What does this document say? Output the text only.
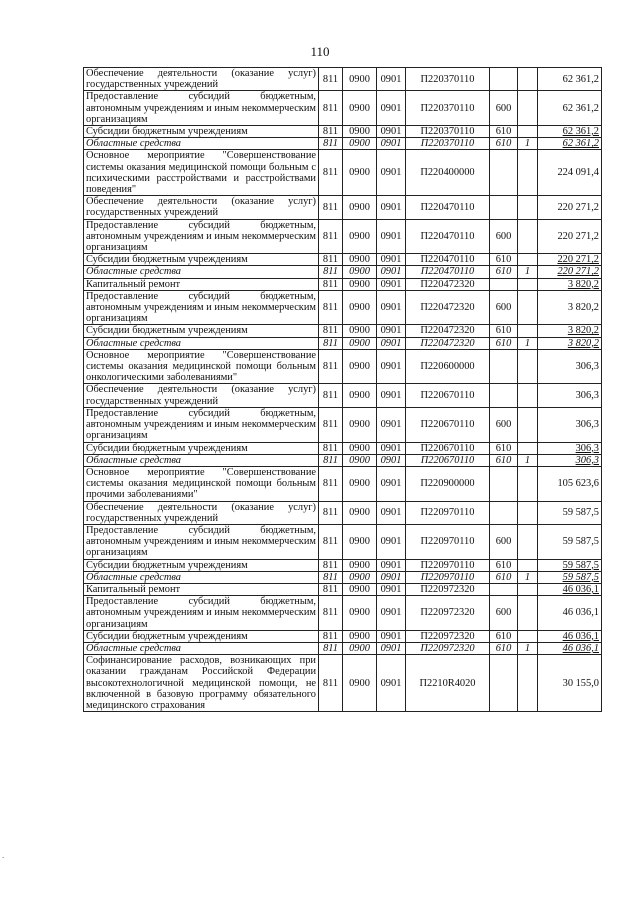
110
Обеспечение деятельности (оказание услуг) государственных учреждений	811	0900	0901	П220370110			62 361,2
Предоставление субсидий бюджетным, автономным учреждениям и иным некоммерческим организациям	811	0900	0901	П220370110	600		62 361,2
Субсидии бюджетным учреждениям	811	0900	0901	П220370110	610		62 361,2
Областные средства	811	0900	0901	П220370110	610	1	62 361,2
Основное мероприятие "Совершенствование системы оказания медицинской помощи больным с психическими расстройствами и расстройствами поведения"	811	0900	0901	П220400000			224 091,4
Обеспечение деятельности (оказание услуг) государственных учреждений	811	0900	0901	П220470110			220 271,2
Предоставление субсидий бюджетным, автономным учреждениям и иным некоммерческим организациям	811	0900	0901	П220470110	600		220 271,2
Субсидии бюджетным учреждениям	811	0900	0901	П220470110	610		220 271,2
Областные средства	811	0900	0901	П220470110	610	1	220 271,2
Капитальный ремонт	811	0900	0901	П220472320			3 820,2
Предоставление субсидий бюджетным, автономным учреждениям и иным некоммерческим организациям	811	0900	0901	П220472320	600		3 820,2
Субсидии бюджетным учреждениям	811	0900	0901	П220472320	610		3 820,2
Областные средства	811	0900	0901	П220472320	610	1	3 820,2
Основное мероприятие "Совершенствование системы оказания медицинской помощи больным онкологическими заболеваниями"	811	0900	0901	П220600000			306,3
Обеспечение деятельности (оказание услуг) государственных учреждений	811	0900	0901	П220670110			306,3
Предоставление субсидий бюджетным, автономным учреждениям и иным некоммерческим организациям	811	0900	0901	П220670110	600		306,3
Субсидии бюджетным учреждениям	811	0900	0901	П220670110	610		306,3
Областные средства	811	0900	0901	П220670110	610	1	306,3
Основное мероприятие "Совершенствование системы оказания медицинской помощи больным прочими заболеваниями"	811	0900	0901	П220900000			105 623,6
Обеспечение деятельности (оказание услуг) государственных учреждений	811	0900	0901	П220970110			59 587,5
Предоставление субсидий бюджетным, автономным учреждениям и иным некоммерческим организациям	811	0900	0901	П220970110	600		59 587,5
Субсидии бюджетным учреждениям	811	0900	0901	П220970110	610		59 587,5
Областные средства	811	0900	0901	П220970110	610	1	59 587,5
Капитальный ремонт	811	0900	0901	П220972320			46 036,1
Предоставление субсидий бюджетным, автономным учреждениям и иным некоммерческим организациям	811	0900	0901	П220972320	600		46 036,1
Субсидии бюджетным учреждениям	811	0900	0901	П220972320	610		46 036,1
Областные средства	811	0900	0901	П220972320	610	1	46 036,1
Софинансирование расходов, возникающих при оказании гражданам Российской Федерации высокотехнологичной медицинской помощи, не включенной в базовую программу обязательного медицинского страхования	811	0900	0901	П2210R4020			30 155,0
.
